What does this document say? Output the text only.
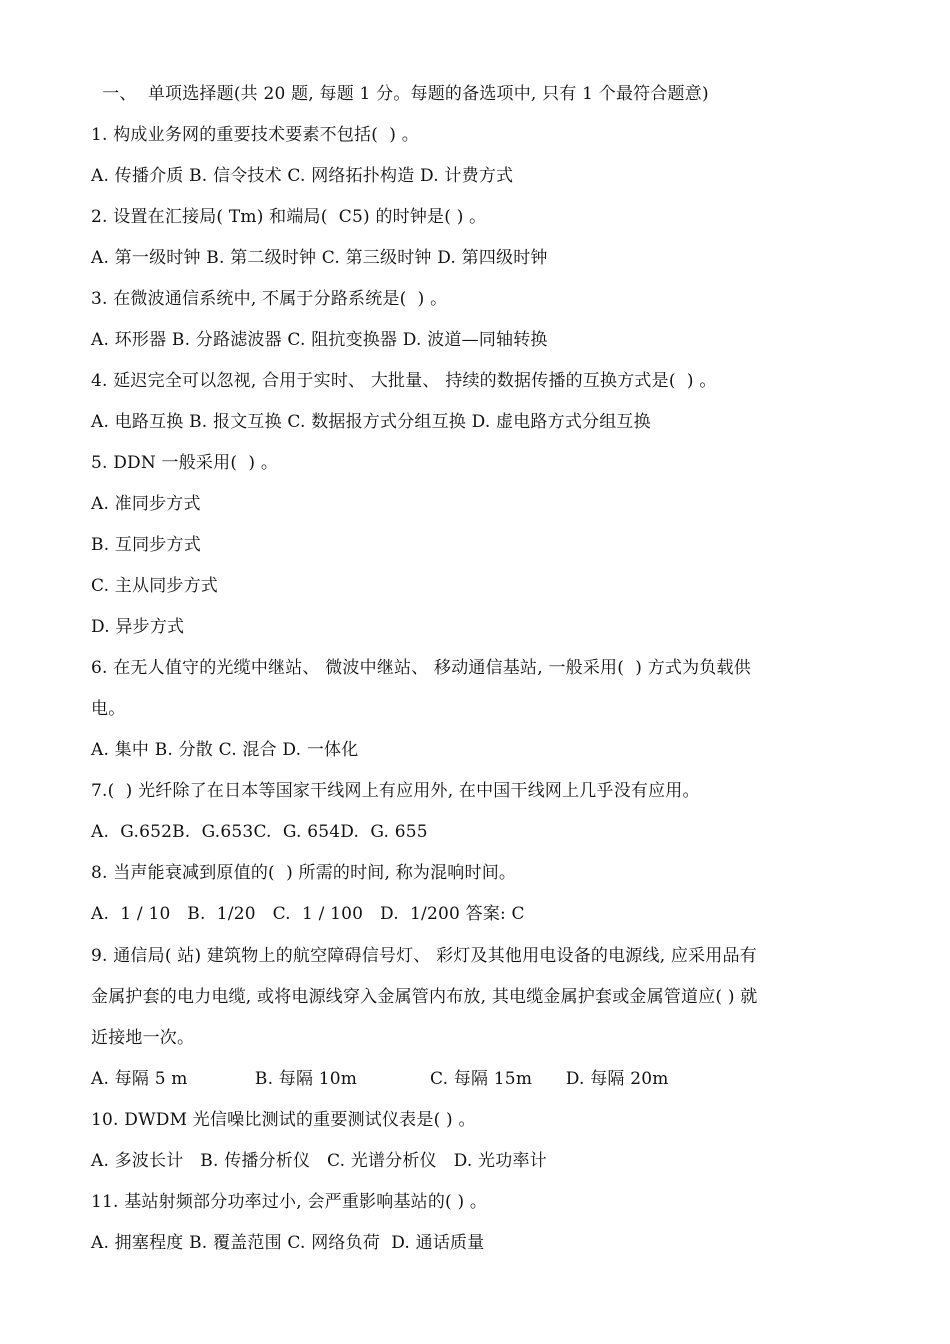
一、  单项选择题(共 20 题, 每题 1 分。每题的备选项中, 只有 1 个最符合题意)
1. 构成业务网的重要技术要素不包括(  ) 。
A. 传播介质 B. 信令技术 C. 网络拓扑构造 D. 计费方式
2. 设置在汇接局( Tm) 和端局(  C5) 的时钟是( ) 。
A. 第一级时钟 B. 第二级时钟 C. 第三级时钟 D. 第四级时钟
3. 在微波通信系统中, 不属于分路系统是(  ) 。
A. 环形器 B. 分路滤波器 C. 阻抗变换器 D. 波道—同轴转换
4. 延迟完全可以忽视, 合用于实时、 大批量、 持续的数据传播的互换方式是(  ) 。
A. 电路互换 B. 报文互换 C. 数据报方式分组互换 D. 虚电路方式分组互换
5. DDN 一般采用(  ) 。
A. 准同步方式
B. 互同步方式
C. 主从同步方式
D. 异步方式
6. 在无人值守的光缆中继站、 微波中继站、 移动通信基站, 一般采用(  ) 方式为负载供
电。
A. 集中 B. 分散 C. 混合 D. 一体化
7.(  ) 光纤除了在日本等国家干线网上有应用外, 在中国干线网上几乎没有应用。
A.  G.652B.  G.653C.  G. 654D.  G. 655
8. 当声能衰减到原值的(  ) 所需的时间, 称为混响时间。
A.  1 / 10   B.  1/20   C.  1 / 100   D.  1/200 答案: C
9. 通信局( 站) 建筑物上的航空障碍信号灯、 彩灯及其他用电设备的电源线, 应采用品有
金属护套的电力电缆, 或将电源线穿入金属管内布放, 其电缆金属护套或金属管道应( ) 就
近接地一次。
A. 每隔 5 m            B. 每隔 10m             C. 每隔 15m      D. 每隔 20m
10. DWDM 光信噪比测试的重要测试仪表是( ) 。
A. 多波长计   B. 传播分析仪   C. 光谱分析仪   D. 光功率计
11. 基站射频部分功率过小, 会严重影响基站的( ) 。
A. 拥塞程度 B. 覆盖范围 C. 网络负荷  D. 通话质量
